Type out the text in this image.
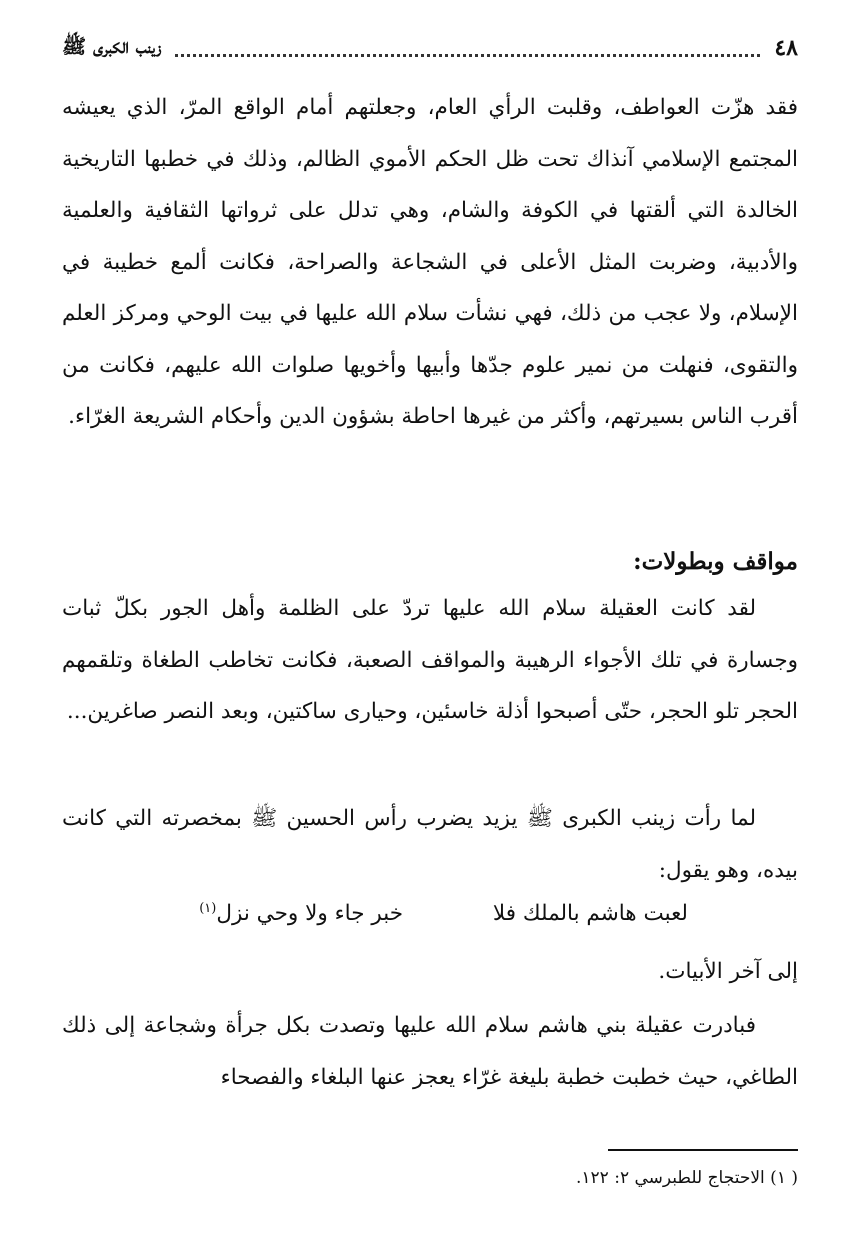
٤٨
زينب الكبرى ﷺ

فقد هزّت العواطف، وقلبت الرأي العام، وجعلتهم أمام الواقع المرّ، الذي يعيشه المجتمع الإسلامي آنذاك تحت ظل الحكم الأموي الظالم، وذلك في خطبها التاريخية الخالدة التي ألقتها في الكوفة والشام، وهي تدلل على ثرواتها الثقافية والعلمية والأدبية، وضربت المثل الأعلى في الشجاعة والصراحة، فكانت ألمع خطيبة في الإسلام، ولا عجب من ذلك، فهي نشأت سلام الله عليها في بيت الوحي ومركز العلم والتقوى، فنهلت من نمير علوم جدّها وأبيها وأخويها صلوات الله عليهم، فكانت من أقرب الناس بسيرتهم، وأكثر من غيرها احاطة بشؤون الدين وأحكام الشريعة الغرّاء.

مواقف وبطولات:

لقد كانت العقيلة سلام الله عليها تردّ على الظلمة وأهل الجور بكلّ ثبات وجسارة في تلك الأجواء الرهيبة والمواقف الصعبة، فكانت تخاطب الطغاة وتلقمهم الحجر تلو الحجر، حتّى أصبحوا أذلة خاسئين، وحيارى ساكتين، وبعد النصر صاغرين...

لما رأت زينب الكبرى ﷺ يزيد يضرب رأس الحسين ﷺ بمخصرته التي كانت بيده، وهو يقول:

لعبت هاشم بالملك فلا
خبر جاء ولا وحي نزل$^{(١)}$

إلى آخر الأبيات.

فبادرت عقيلة بني هاشم سلام الله عليها وتصدت بكل جرأة وشجاعة إلى ذلك الطاغي، حيث خطبت خطبة بليغة غرّاء يعجز عنها البلغاء والفصحاء

( ١) الاحتجاج للطبرسي ٢: ١٢٢.
